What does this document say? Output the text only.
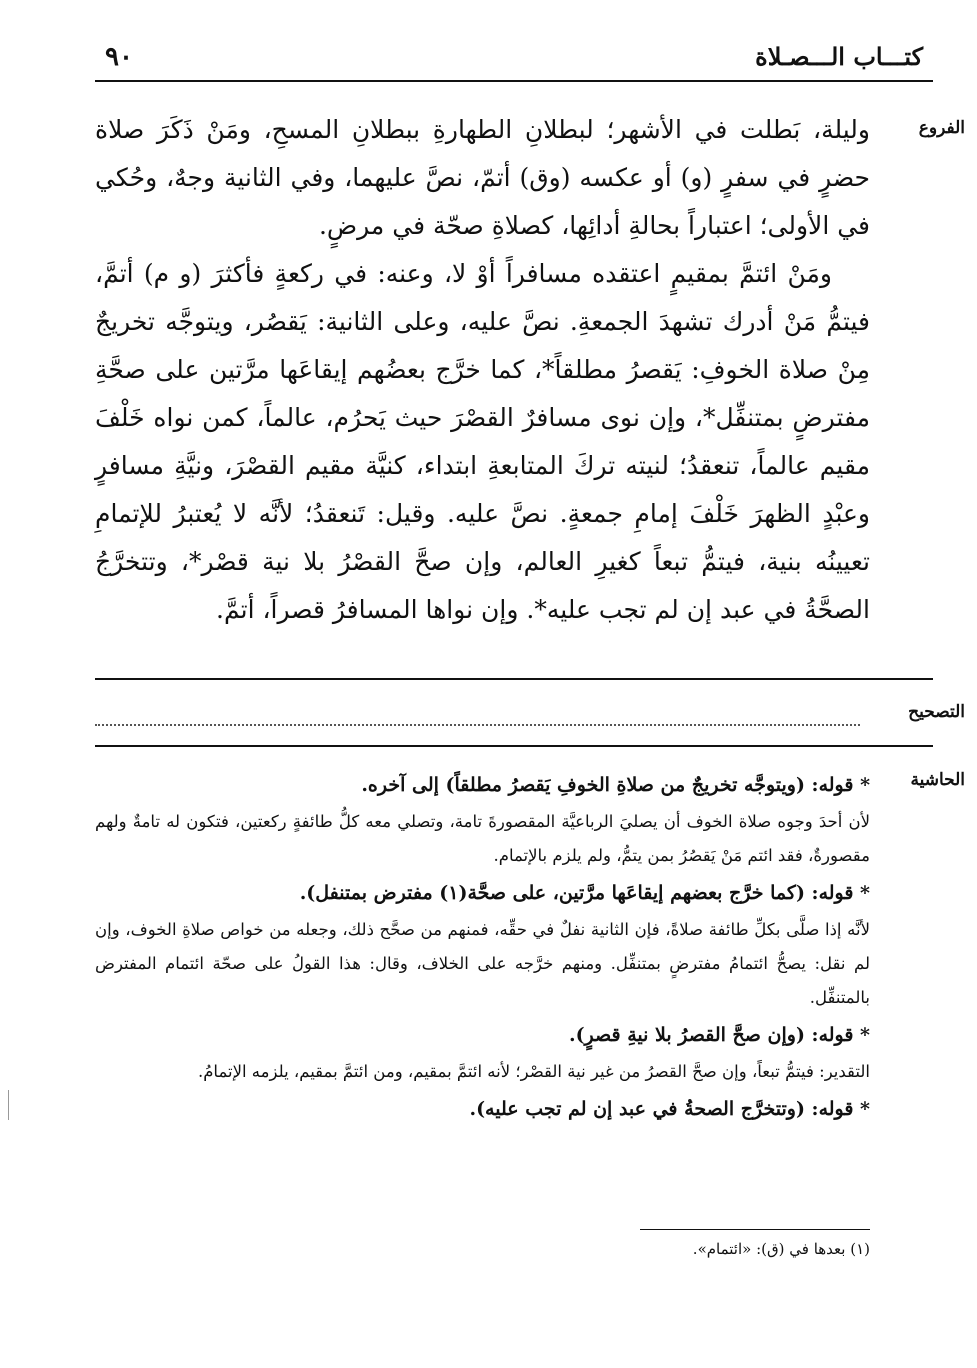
٩٠	كتـــاب الـــصـلاة
الفروع

وليلة، بَطلت في الأشهر؛ لبطلانِ الطهارةِ ببطلانِ المسحِ، ومَنْ ذَكَرَ صلاة حضرٍ في سفرٍ (و) أو عكسه (وق) أتمّ، نصَّ عليهما، وفي الثانية وجهٌ، وحُكي في الأولى؛ اعتباراً بحالةِ أدائِها، كصلاةِ صحّة في مرضٍ.

ومَنْ ائتمَّ بمقيمٍ اعتقده مسافراً أوْ لا، وعنه: في ركعةٍ فأكثرَ (و م) أتمَّ، فيتمُّ مَنْ أدرك تشهدَ الجمعةِ. نصَّ عليه، وعلى الثانية: يَقصُر، ويتوجَّه تخريجٌ مِنْ صلاة الخوفِ: يَقصرُ مطلقاً*، كما خرَّج بعضُهم إيقاعَها مرَّتين على صحَّةِ مفترضٍ بمتنفِّل*، وإن نوى مسافرٌ القصْرَ حيث يَحرُم، عالماً، كمن نواه خَلْفَ مقيم عالماً، تنعقدُ؛ لنيته تركَ المتابعةِ ابتداء، كنيَّة مقيم القصْرَ، ونيَّةِ مسافرٍ وعبْدٍ الظهرَ خَلْفَ إمامِ جمعةٍ. نصَّ عليه. وقيل: تَنعقدُ؛ لأنَّه لا يُعتبرُ للإتمامِ تعيينُه بنية، فيتمُّ تبعاً كغيرِ العالم، وإن صحَّ القصْرُ بلا نية قصْر*، وتتخرَّجُ الصحَّةُ في عبد إن لم تجب عليه*. وإن نواها المسافرُ قصراً، أتمَّ.

التصحيح
الحاشية

* قوله: (ويتوجَّه تخريجٌ من صلاةِ الخوفِ يَقصرُ مطلقاً) إلى آخره.

لأن أحدَ وجوه صلاة الخوف أن يصليَ الرباعيَّة المقصورةَ تامة، وتصلي معه كلُّ طائفةٍ ركعتين، فتكون له تامةٌ ولهم مقصورةٌ، فقد ائتم مَنْ يَقصُرُ بمن يتمُّ، ولم يلزم بالإتمام.

* قوله: (كما خرَّج بعضهم إيقاعَها مرَّتين، على صحَّة(١) مفترض بمتنفل).

لأنَّه إذا صلَّى بكلِّ طائفة صلاةً، فإن الثانية نفلٌ في حقِّه، فمنهم من صحَّح ذلك، وجعله من خواص صلاةِ الخوف، وإن لم نقل: يصحُّ ائتمامُ مفترضٍ بمتنفِّل. ومنهم خرَّجه على الخلاف، وقال: هذا القولُ على صحّة ائتمام المفترض بالمتنفِّل.

* قوله: (وإن صحَّ القصرُ بلا نيةِ قصرٍ).

التقدير: فيتمُّ تبعاً، وإن صحَّ القصرُ من غير نية القصْر؛ لأنه ائتمَّ بمقيم، ومن ائتمَّ بمقيم، يلزمه الإتمامُ.

* قوله: (وتتخرَّج الصحةُ في عبد إن لم تجب عليه).

(١) بعدها في (ق): «ائتمام».
